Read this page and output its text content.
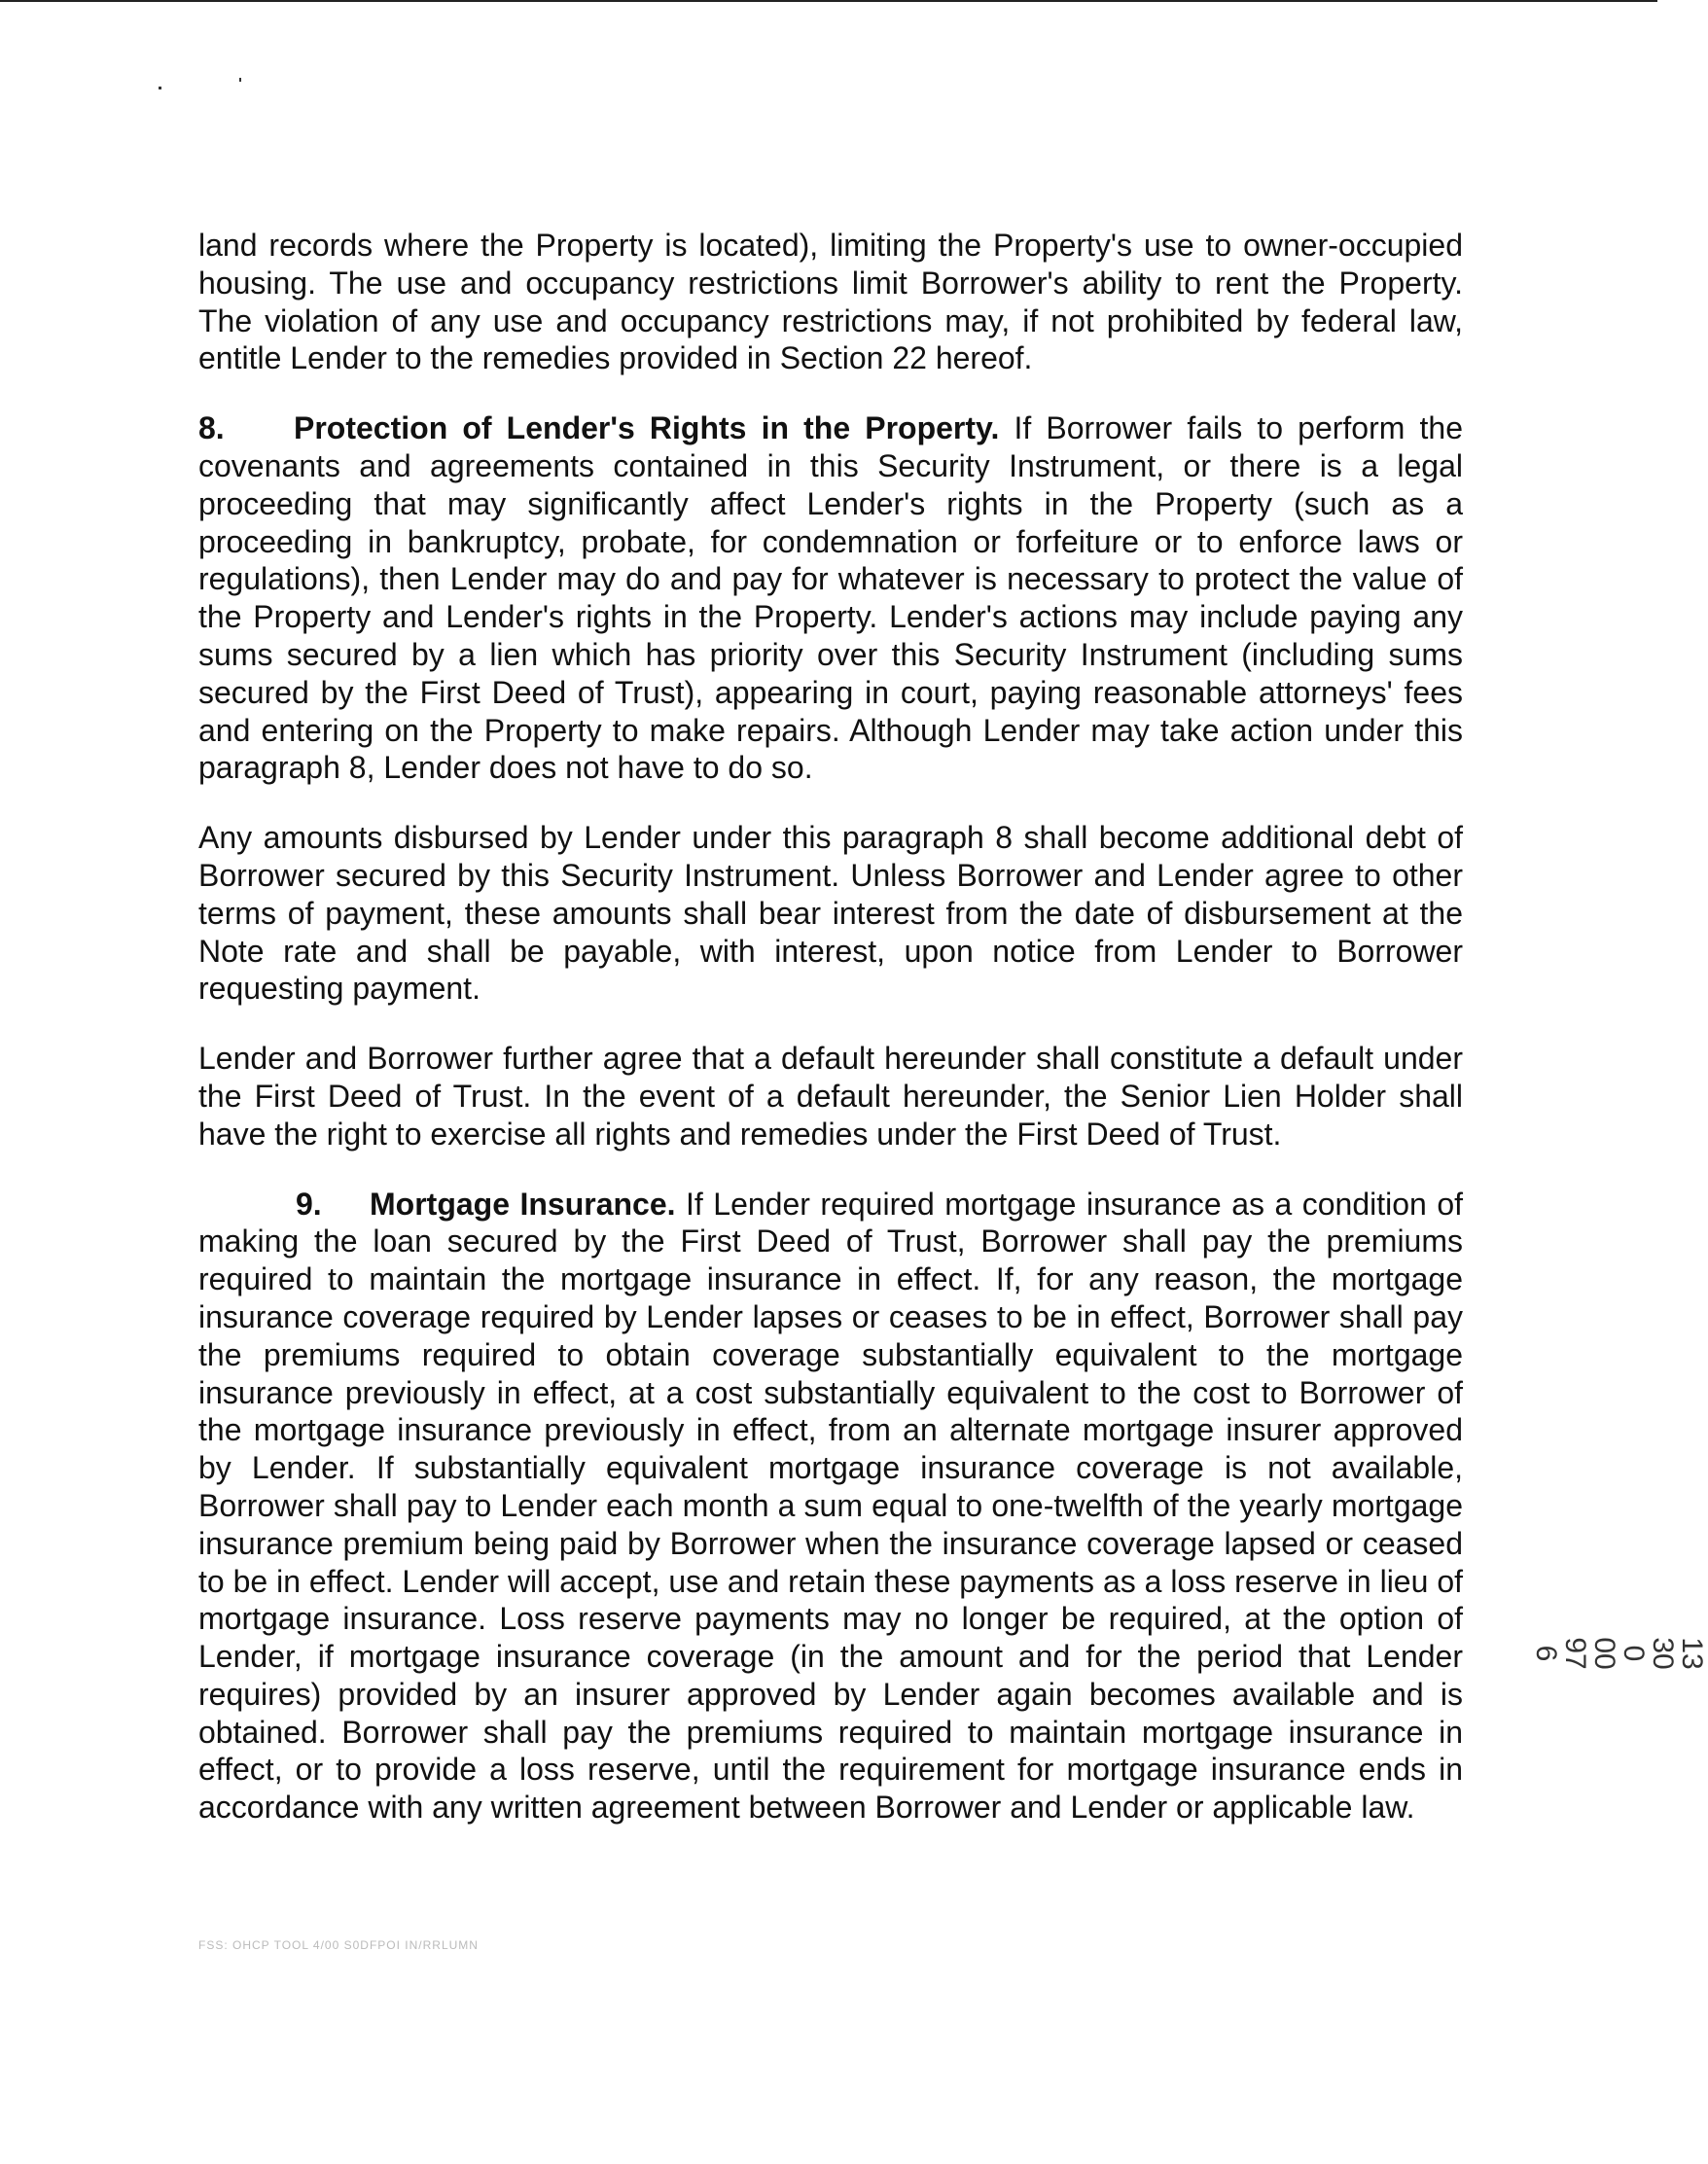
land records where the Property is located), limiting the Property's use to owner-occupied housing. The use and occupancy restrictions limit Borrower's ability to rent the Property. The violation of any use and occupancy restrictions may, if not prohibited by federal law, entitle Lender to the remedies provided in Section 22 hereof.

8. Protection of Lender's Rights in the Property. If Borrower fails to perform the covenants and agreements contained in this Security Instrument, or there is a legal proceeding that may significantly affect Lender's rights in the Property (such as a proceeding in bankruptcy, probate, for condemnation or forfeiture or to enforce laws or regulations), then Lender may do and pay for whatever is necessary to protect the value of the Property and Lender's rights in the Property. Lender's actions may include paying any sums secured by a lien which has priority over this Security Instrument (including sums secured by the First Deed of Trust), appearing in court, paying reasonable attorneys' fees and entering on the Property to make repairs. Although Lender may take action under this paragraph 8, Lender does not have to do so.

Any amounts disbursed by Lender under this paragraph 8 shall become additional debt of Borrower secured by this Security Instrument. Unless Borrower and Lender agree to other terms of payment, these amounts shall bear interest from the date of disbursement at the Note rate and shall be payable, with interest, upon notice from Lender to Borrower requesting payment.

Lender and Borrower further agree that a default hereunder shall constitute a default under the First Deed of Trust. In the event of a default hereunder, the Senior Lien Holder shall have the right to exercise all rights and remedies under the First Deed of Trust.

9. Mortgage Insurance. If Lender required mortgage insurance as a condition of making the loan secured by the First Deed of Trust, Borrower shall pay the premiums required to maintain the mortgage insurance in effect. If, for any reason, the mortgage insurance coverage required by Lender lapses or ceases to be in effect, Borrower shall pay the premiums required to obtain coverage substantially equivalent to the mortgage insurance previously in effect, at a cost substantially equivalent to the cost to Borrower of the mortgage insurance previously in effect, from an alternate mortgage insurer approved by Lender. If substantially equivalent mortgage insurance coverage is not available, Borrower shall pay to Lender each month a sum equal to one-twelfth of the yearly mortgage insurance premium being paid by Borrower when the insurance coverage lapsed or ceased to be in effect. Lender will accept, use and retain these payments as a loss reserve in lieu of mortgage insurance. Loss reserve payments may no longer be required, at the option of Lender, if mortgage insurance coverage (in the amount and for the period that Lender requires) provided by an insurer approved by Lender again becomes available and is obtained. Borrower shall pay the premiums required to maintain mortgage insurance in effect, or to provide a loss reserve, until the requirement for mortgage insurance ends in accordance with any written agreement between Borrower and Lender or applicable law.

13300 00976
FSS: OHCP TOOL 4/00 S0DFPOI IN/RRLUMN
